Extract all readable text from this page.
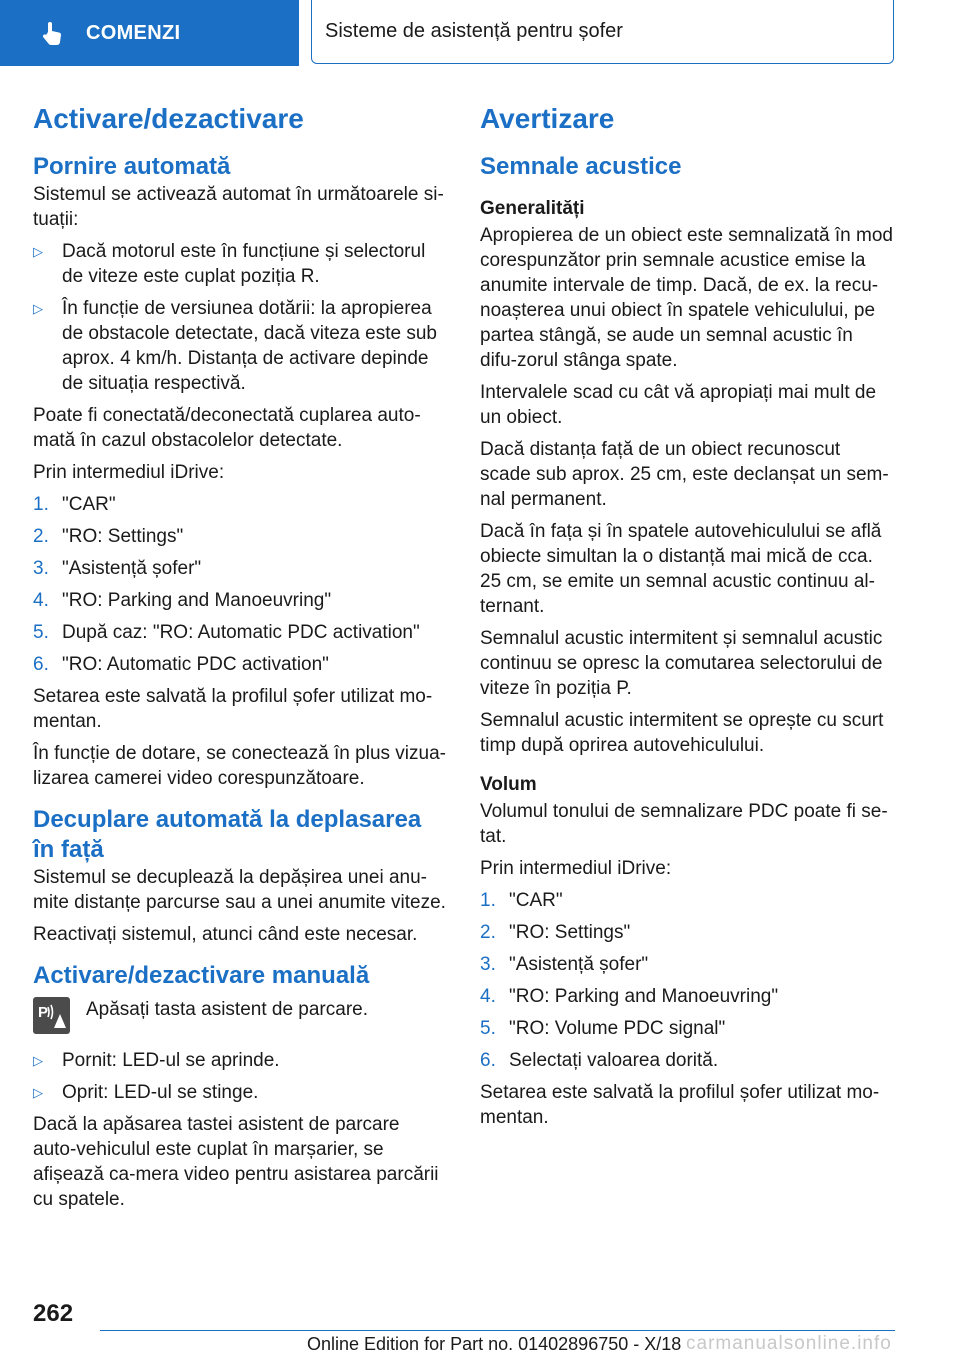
COMENZI	Sisteme de asistență pentru șofer
Activare/dezactivare
Pornire automată

Sistemul se activează automat în următoarele si-tuații:

▷ Dacă motorul este în funcțiune și selectorul de viteze este cuplat poziția R.
▷ În funcție de versiunea dotării: la apropierea de obstacole detectate, dacă viteza este sub aprox. 4 km/h. Distanța de activare depinde de situația respectivă.

Poate fi conectată/deconectată cuplarea auto-mată în cazul obstacolelor detectate.

Prin intermediul iDrive:

1. "CAR"
2. "RO: Settings"
3. "Asistență șofer"
4. "RO: Parking and Manoeuvring"
5. După caz: "RO: Automatic PDC activation"
6. "RO: Automatic PDC activation"

Setarea este salvată la profilul șofer utilizat mo-mentan.

În funcție de dotare, se conectează în plus vizua-lizarea camerei video corespunzătoare.

Decuplare automată la deplasarea în față

Sistemul se decuplează la depășirea unei anu-mite distanțe parcurse sau a unei anumite viteze.

Reactivați sistemul, atunci când este necesar.

Activare/dezactivare manuală
P Apăsați tasta asistent de parcare.
▷ Pornit: LED-ul se aprinde.
▷ Oprit: LED-ul se stinge.

Dacă la apăsarea tastei asistent de parcare auto-vehiculul este cuplat în marșarier, se afișează ca-mera video pentru asistarea parcării cu spatele.

Avertizare
Semnale acustice
Generalități

Apropierea de un obiect este semnalizată în mod corespunzător prin semnale acustice emise la anumite intervale de timp. Dacă, de ex. la recu-noașterea unui obiect în spatele vehiculului, pe partea stângă, se aude un semnal acustic în difu-zorul stânga spate.

Intervalele scad cu cât vă apropiați mai mult de un obiect.

Dacă distanța față de un obiect recunoscut scade sub aprox. 25 cm, este declanșat un sem-nal permanent.

Dacă în fața și în spatele autovehiculului se află obiecte simultan la o distanță mai mică de cca. 25 cm, se emite un semnal acustic continuu al-ternant.

Semnalul acustic intermitent și semnalul acustic continuu se opresc la comutarea selectorului de viteze în poziția P.

Semnalul acustic intermitent se oprește cu scurt timp după oprirea autovehiculului.

Volum

Volumul tonului de semnalizare PDC poate fi se-tat.

Prin intermediul iDrive:

1. "CAR"
2. "RO: Settings"
3. "Asistență șofer"
4. "RO: Parking and Manoeuvring"
5. "RO: Volume PDC signal"
6. Selectați valoarea dorită.

Setarea este salvată la profilul șofer utilizat mo-mentan.

262
Online Edition for Part no. 01402896750 - X/18 carmanualsonline.info
